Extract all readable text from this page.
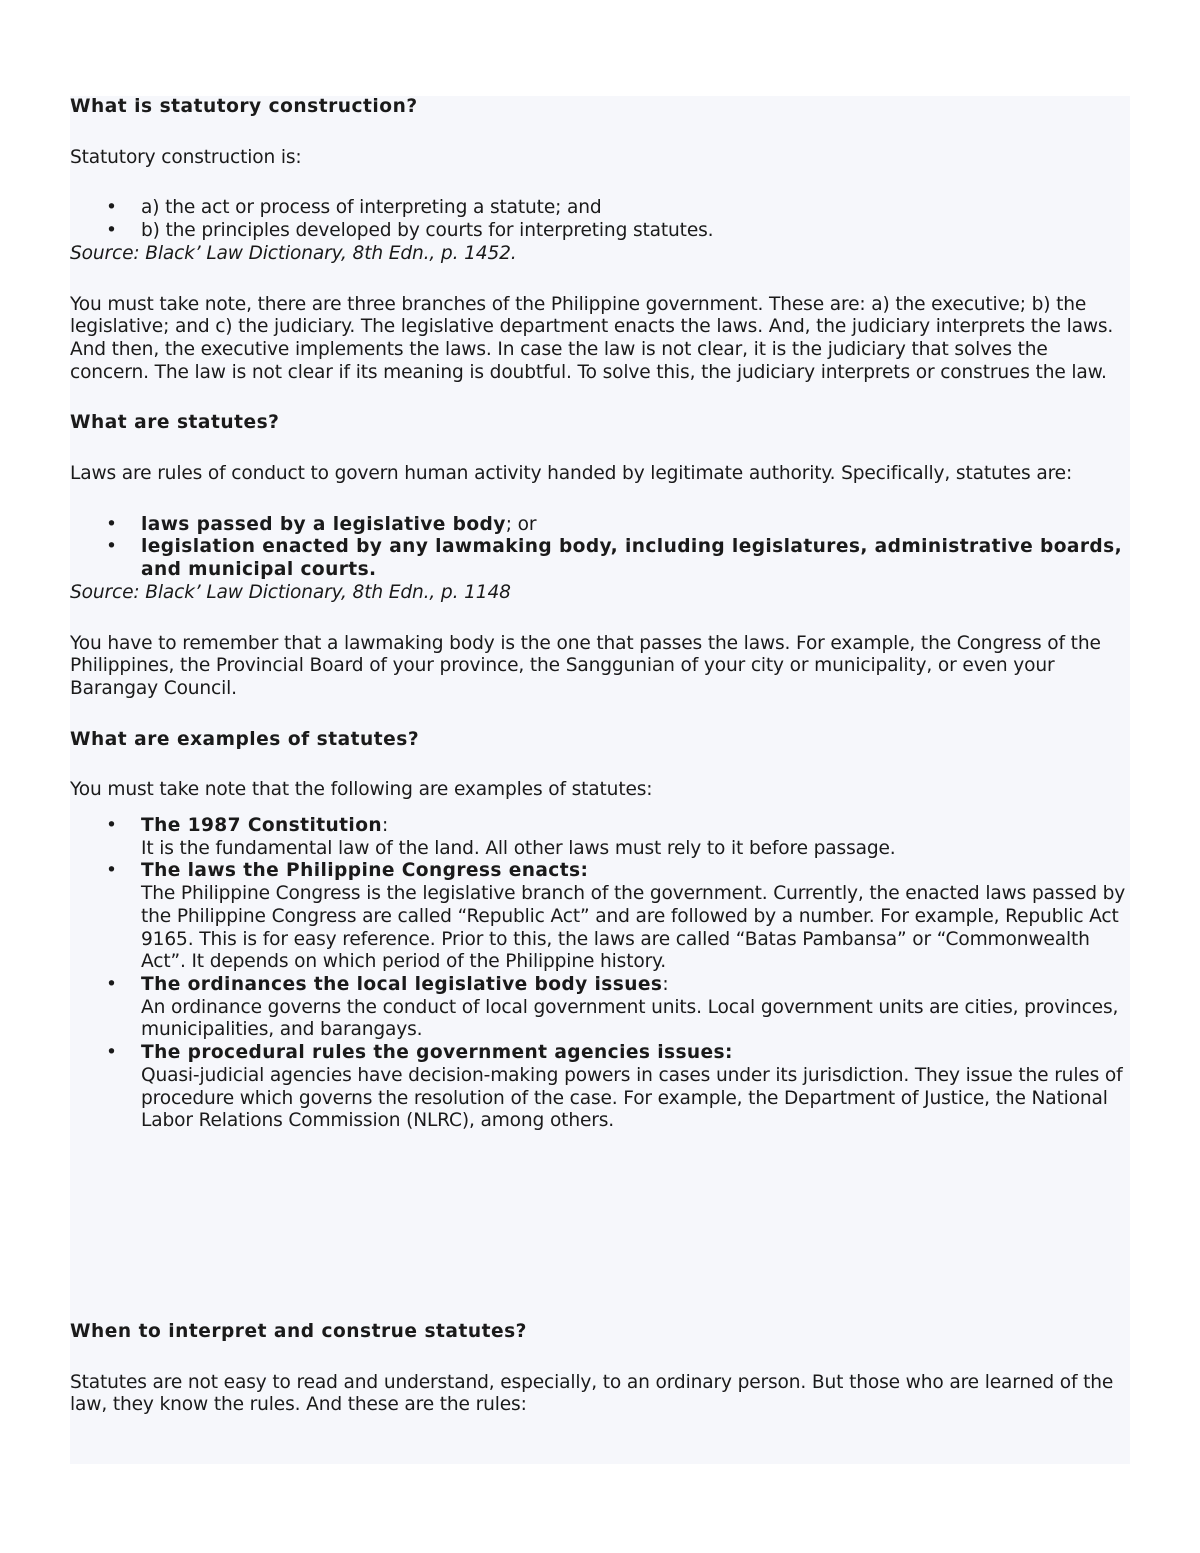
What is statutory construction?

Statutory construction is:

• a) the act or process of interpreting a statute; and
• b) the principles developed by courts for interpreting statutes.

Source: Black’ Law Dictionary, 8th Edn., p. 1452.

You must take note, there are three branches of the Philippine government. These are: a) the executive; b) the legislative; and c) the judiciary. The legislative department enacts the laws. And, the judiciary interprets the laws. And then, the executive implements the laws. In case the law is not clear, it is the judiciary that solves the concern. The law is not clear if its meaning is doubtful. To solve this, the judiciary interprets or construes the law.

What are statutes?

Laws are rules of conduct to govern human activity handed by legitimate authority. Specifically, statutes are:

• laws passed by a legislative body; or
• legislation enacted by any lawmaking body, including legislatures, administrative boards, and municipal courts.

Source: Black’ Law Dictionary, 8th Edn., p. 1148

You have to remember that a lawmaking body is the one that passes the laws. For example, the Congress of the Philippines, the Provincial Board of your province, the Sanggunian of your city or municipality, or even your Barangay Council.

What are examples of statutes?

You must take note that the following are examples of statutes:

• The 1987 Constitution:
It is the fundamental law of the land. All other laws must rely to it before passage.
• The laws the Philippine Congress enacts:
The Philippine Congress is the legislative branch of the government. Currently, the enacted laws passed by the Philippine Congress are called “Republic Act” and are followed by a number. For example, Republic Act 9165. This is for easy reference. Prior to this, the laws are called “Batas Pambansa” or “Commonwealth Act”. It depends on which period of the Philippine history.
• The ordinances the local legislative body issues:
An ordinance governs the conduct of local government units. Local government units are cities, provinces, municipalities, and barangays.
• The procedural rules the government agencies issues:
Quasi-judicial agencies have decision-making powers in cases under its jurisdiction. They issue the rules of procedure which governs the resolution of the case. For example, the Department of Justice, the National Labor Relations Commission (NLRC), among others.
When to interpret and construe statutes?

Statutes are not easy to read and understand, especially, to an ordinary person. But those who are learned of the law, they know the rules. And these are the rules:
